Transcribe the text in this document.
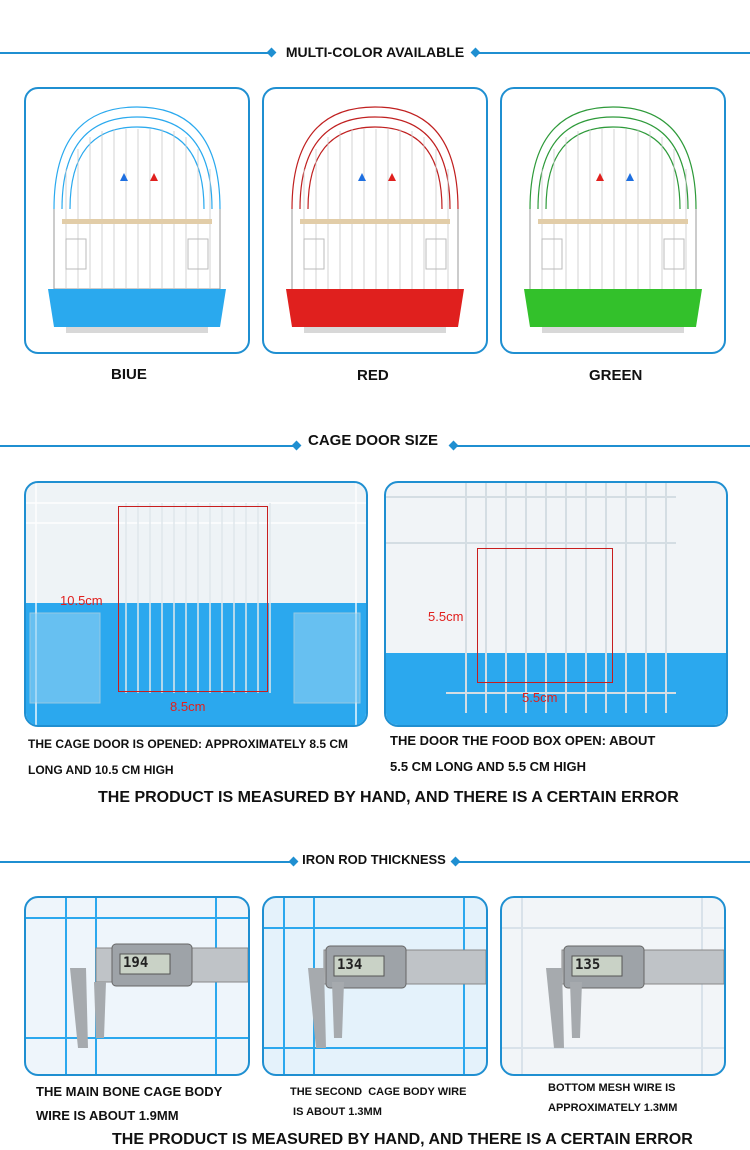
MULTI-COLOR AVAILABLE
BIUE	RED	GREEN
CAGE DOOR SIZE
10.5cm
8.5cm
5.5cm
5.5cm
THE CAGE DOOR IS OPENED: APPROXIMATELY 8.5 CM
LONG AND 10.5 CM HIGH
THE DOOR THE FOOD BOX OPEN: ABOUT
5.5 CM LONG AND 5.5 CM HIGH
THE PRODUCT IS MEASURED BY HAND, AND THERE IS A CERTAIN ERROR
IRON ROD THICKNESS
194	134	135
THE MAIN BONE CAGE BODY
WIRE IS ABOUT 1.9MM
THE SECOND  CAGE BODY WIRE
IS ABOUT 1.3MM
BOTTOM MESH WIRE IS
APPROXIMATELY 1.3MM
THE PRODUCT IS MEASURED BY HAND, AND THERE IS A CERTAIN ERROR
